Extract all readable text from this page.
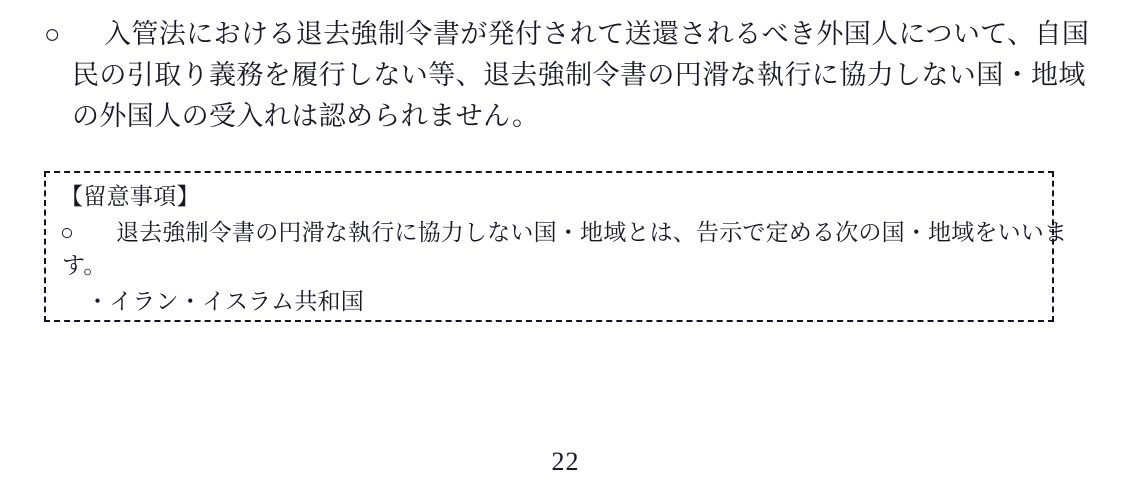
○ 入管法における退去強制令書が発付されて送還されるべき外国人について、自国
民の引取り義務を履行しない等、退去強制令書の円滑な執行に協力しない国・地域
の外国人の受入れは認められません。
【留意事項】
○ 退去強制令書の円滑な執行に協力しない国・地域とは、告示で定める次の国・地域をいいま
す。
・イラン・イスラム共和国
22
